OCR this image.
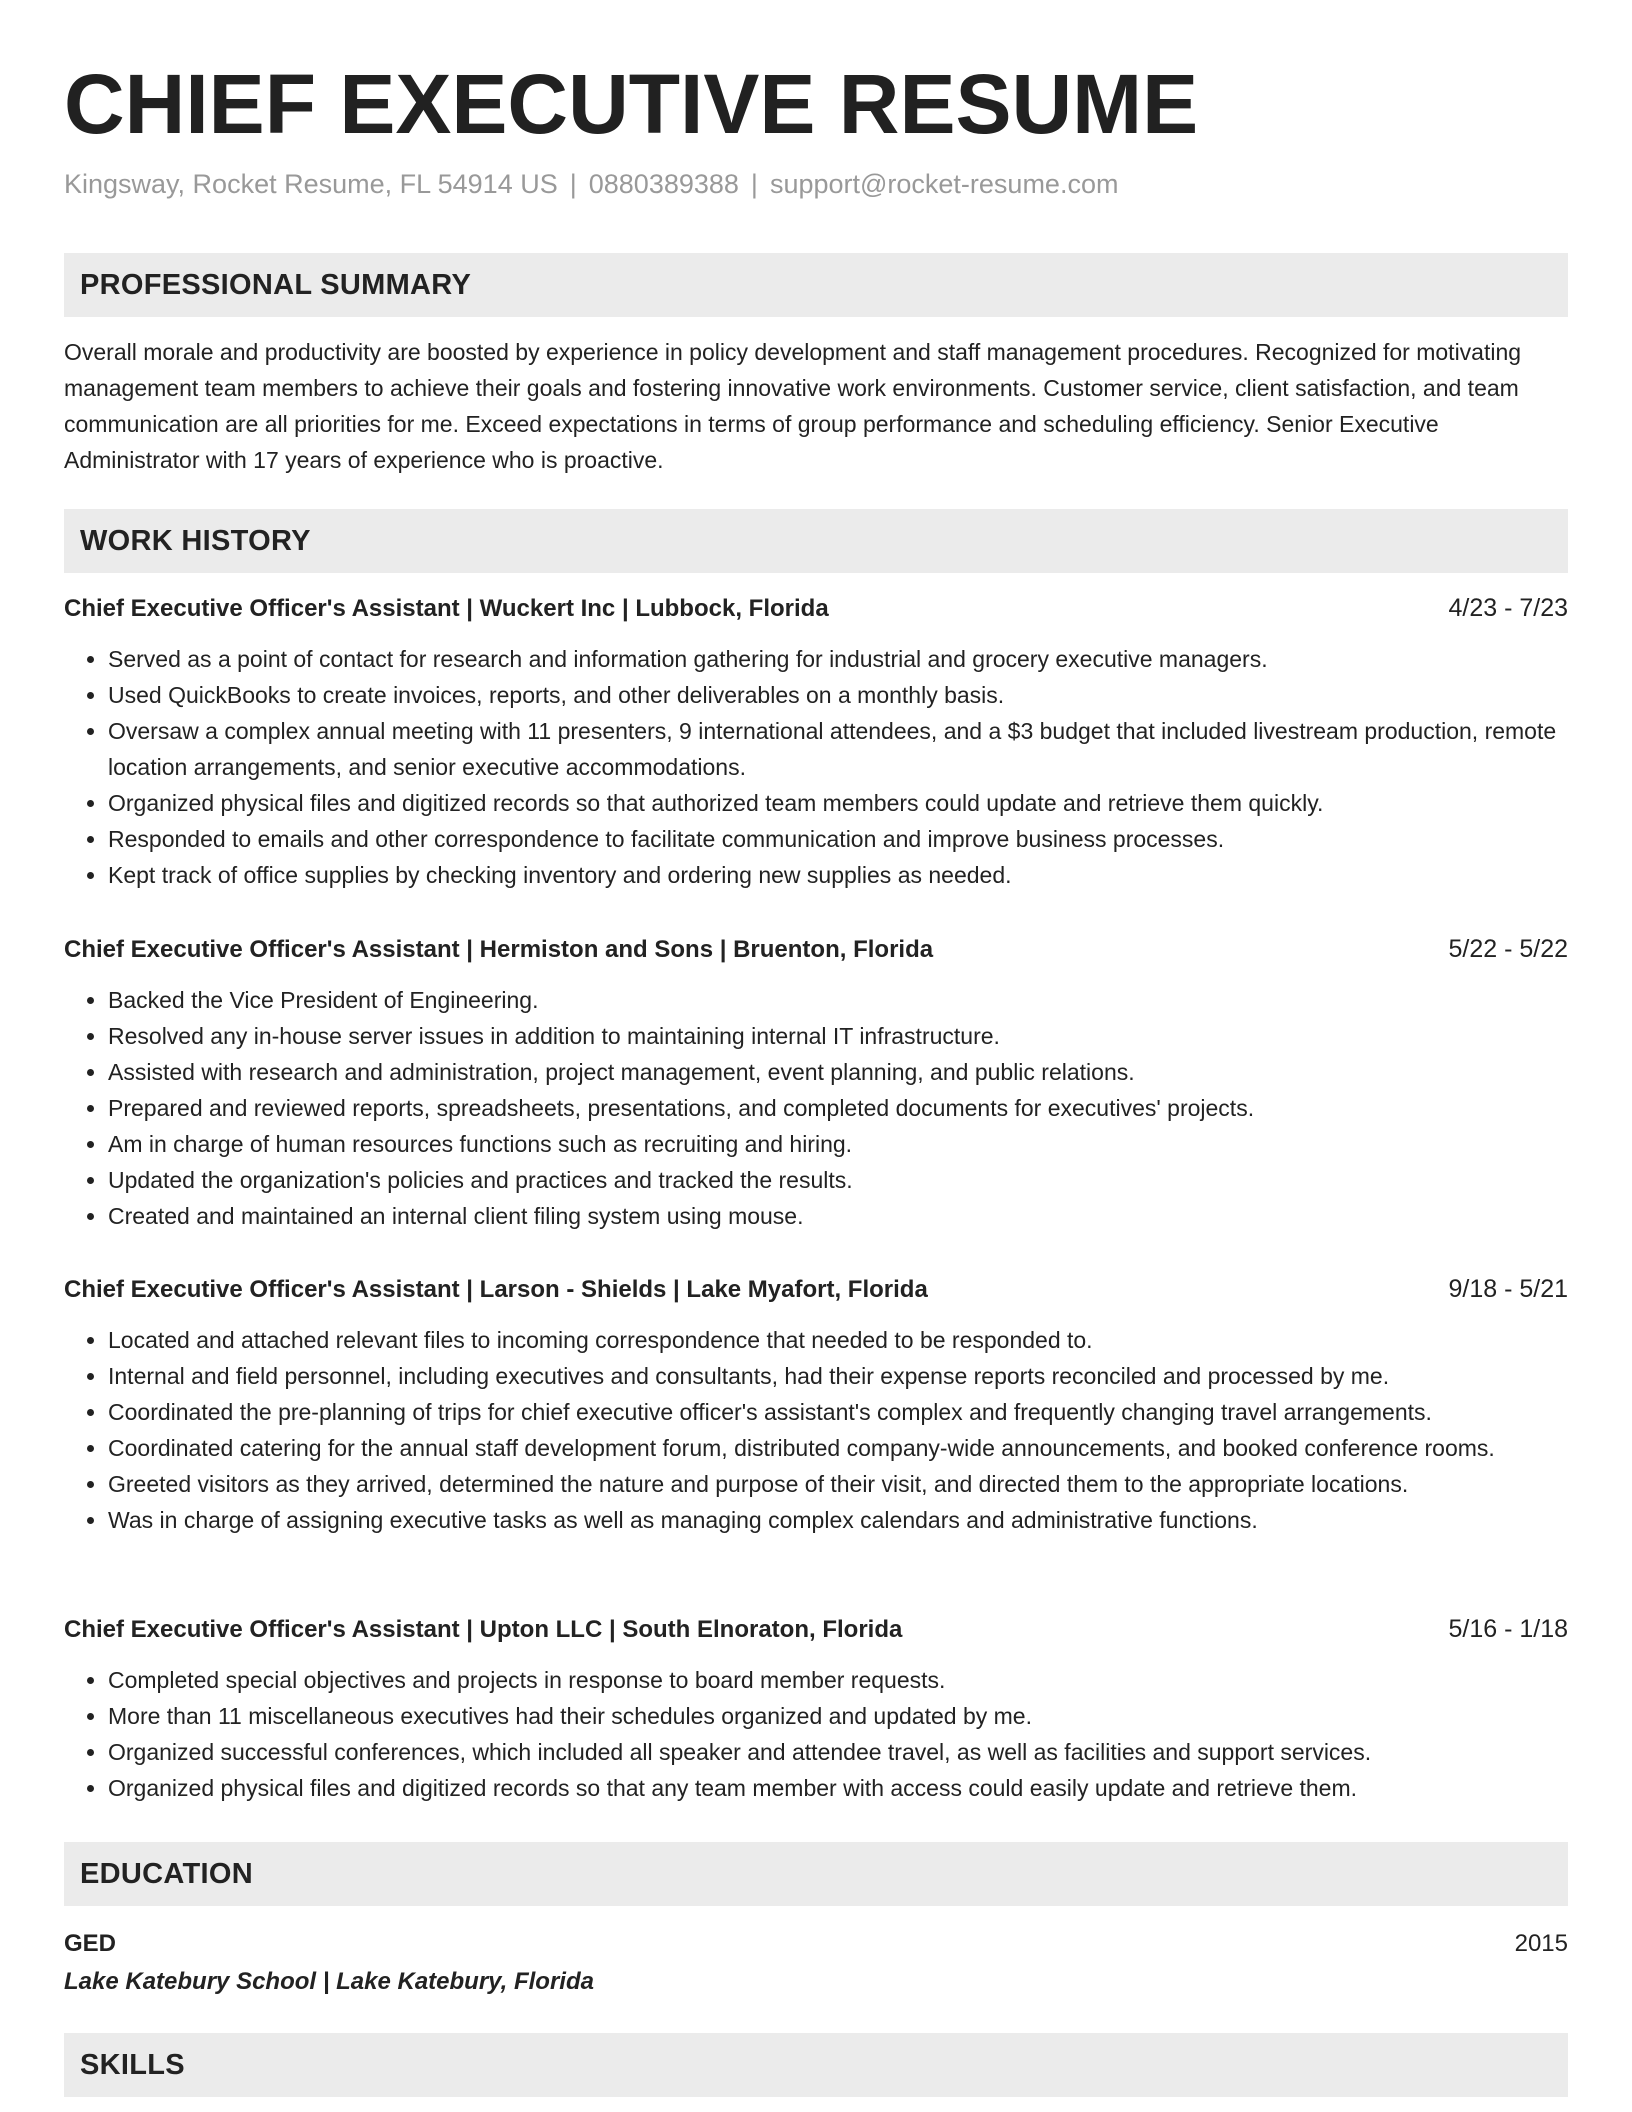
CHIEF EXECUTIVE RESUME
Kingsway, Rocket Resume, FL 54914 US | 0880389388 | support@rocket-resume.com
PROFESSIONAL SUMMARY

Overall morale and productivity are boosted by experience in policy development and staff management procedures. Recognized for motivating management team members to achieve their goals and fostering innovative work environments. Customer service, client satisfaction, and team communication are all priorities for me. Exceed expectations in terms of group performance and scheduling efficiency. Senior Executive Administrator with 17 years of experience who is proactive.

WORK HISTORY
Chief Executive Officer's Assistant | Wuckert Inc | Lubbock, Florida	4/23 - 7/23
• Served as a point of contact for research and information gathering for industrial and grocery executive managers.
• Used QuickBooks to create invoices, reports, and other deliverables on a monthly basis.
• Oversaw a complex annual meeting with 11 presenters, 9 international attendees, and a $3 budget that included livestream production, remote location arrangements, and senior executive accommodations.
• Organized physical files and digitized records so that authorized team members could update and retrieve them quickly.
• Responded to emails and other correspondence to facilitate communication and improve business processes.
• Kept track of office supplies by checking inventory and ordering new supplies as needed.
Chief Executive Officer's Assistant | Hermiston and Sons | Bruenton, Florida	5/22 - 5/22
• Backed the Vice President of Engineering.
• Resolved any in-house server issues in addition to maintaining internal IT infrastructure.
• Assisted with research and administration, project management, event planning, and public relations.
• Prepared and reviewed reports, spreadsheets, presentations, and completed documents for executives' projects.
• Am in charge of human resources functions such as recruiting and hiring.
• Updated the organization's policies and practices and tracked the results.
• Created and maintained an internal client filing system using mouse.
Chief Executive Officer's Assistant | Larson - Shields | Lake Myafort, Florida	9/18 - 5/21
• Located and attached relevant files to incoming correspondence that needed to be responded to.
• Internal and field personnel, including executives and consultants, had their expense reports reconciled and processed by me.
• Coordinated the pre-planning of trips for chief executive officer's assistant's complex and frequently changing travel arrangements.
• Coordinated catering for the annual staff development forum, distributed company-wide announcements, and booked conference rooms.
• Greeted visitors as they arrived, determined the nature and purpose of their visit, and directed them to the appropriate locations.
• Was in charge of assigning executive tasks as well as managing complex calendars and administrative functions.
Chief Executive Officer's Assistant | Upton LLC | South Elnoraton, Florida	5/16 - 1/18
• Completed special objectives and projects in response to board member requests.
• More than 11 miscellaneous executives had their schedules organized and updated by me.
• Organized successful conferences, which included all speaker and attendee travel, as well as facilities and support services.
• Organized physical files and digitized records so that any team member with access could easily update and retrieve them.
EDUCATION
GED	2015
Lake Katebury School | Lake Katebury, Florida
SKILLS
